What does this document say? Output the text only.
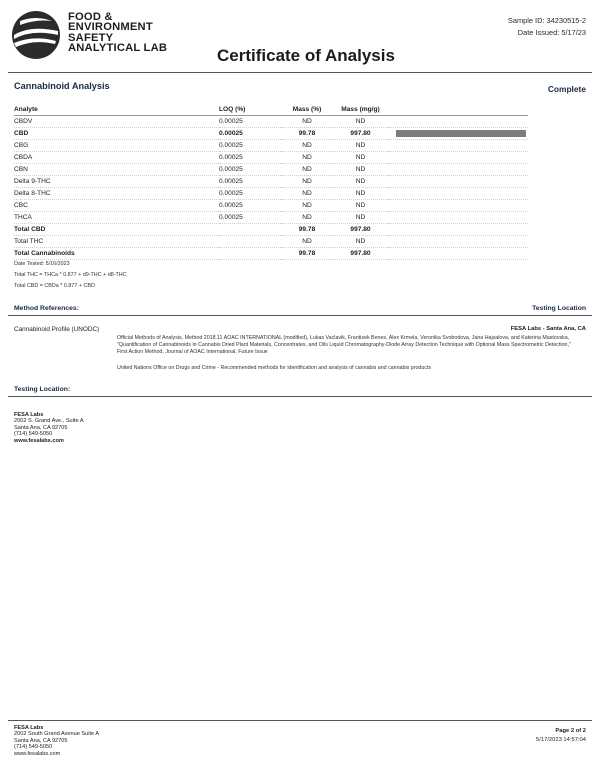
FOOD &
ENVIRONMENT
SAFETY
ANALYTICAL LAB	Certificate of Analysis
Sample ID: 34230515-2
Date Issued: 5/17/23
Cannabinoid Analysis	Complete
Analyte	LOQ (%)	Mass (%)	Mass (mg/g)	
CBDV	0.00025	ND	ND	
CBD	0.00025	99.78	997.80	
CBG	0.00025	ND	ND	
CBDA	0.00025	ND	ND	
CBN	0.00025	ND	ND	
Delta 9-THC	0.00025	ND	ND	
Delta 8-THC	0.00025	ND	ND	
CBC	0.00025	ND	ND	
THCA	0.00025	ND	ND	
Total CBD		99.78	997.80	
Total THC		ND	ND	
Total Cannabinoids		99.78	997.80	
Date Tested: 5/16/2023
Total THC = THCa * 0.877 + d9-THC + d8-THC
Total CBD = CBDa * 0.877 + CBD
Method References:	Testing Location
Cannabinoid Profile (UNODC)	FESA Labs - Santa Ana, CA
Official Methods of Analysis, Method 2018.11 AOAC INTERNATIONAL (modified), Lukas Vaclavik, Frantisek Benes, Alex Krmela, Veronika Svobodova, Jana Hajsalova, and Katerina Mastovska, "Quantification of Cannabinoids in Cannabis Dried Plant Materials, Concentrates, and Oils Liquid Chromatography-Diode Array Detection Technique with Optional Mass Spectrometric Detection," First Action Method, Journal of AOAC International, Future Issue
United Nations Office on Drugs and Crime - Recommended methods for identification and analysis of cannabis and cannabis products
Testing Location:
FESA Labs
2002 S. Grand Ave., Suite A
Santa Ana, CA 92705
(714) 549-5050
www.fesalabs.com
FESA Labs
2002 South Grand Avenue Suite A
Santa Ana, CA 92705
(714) 549-5050
www.fesalabs.com
Page 2 of 2
5/17/2023 14:57:04
